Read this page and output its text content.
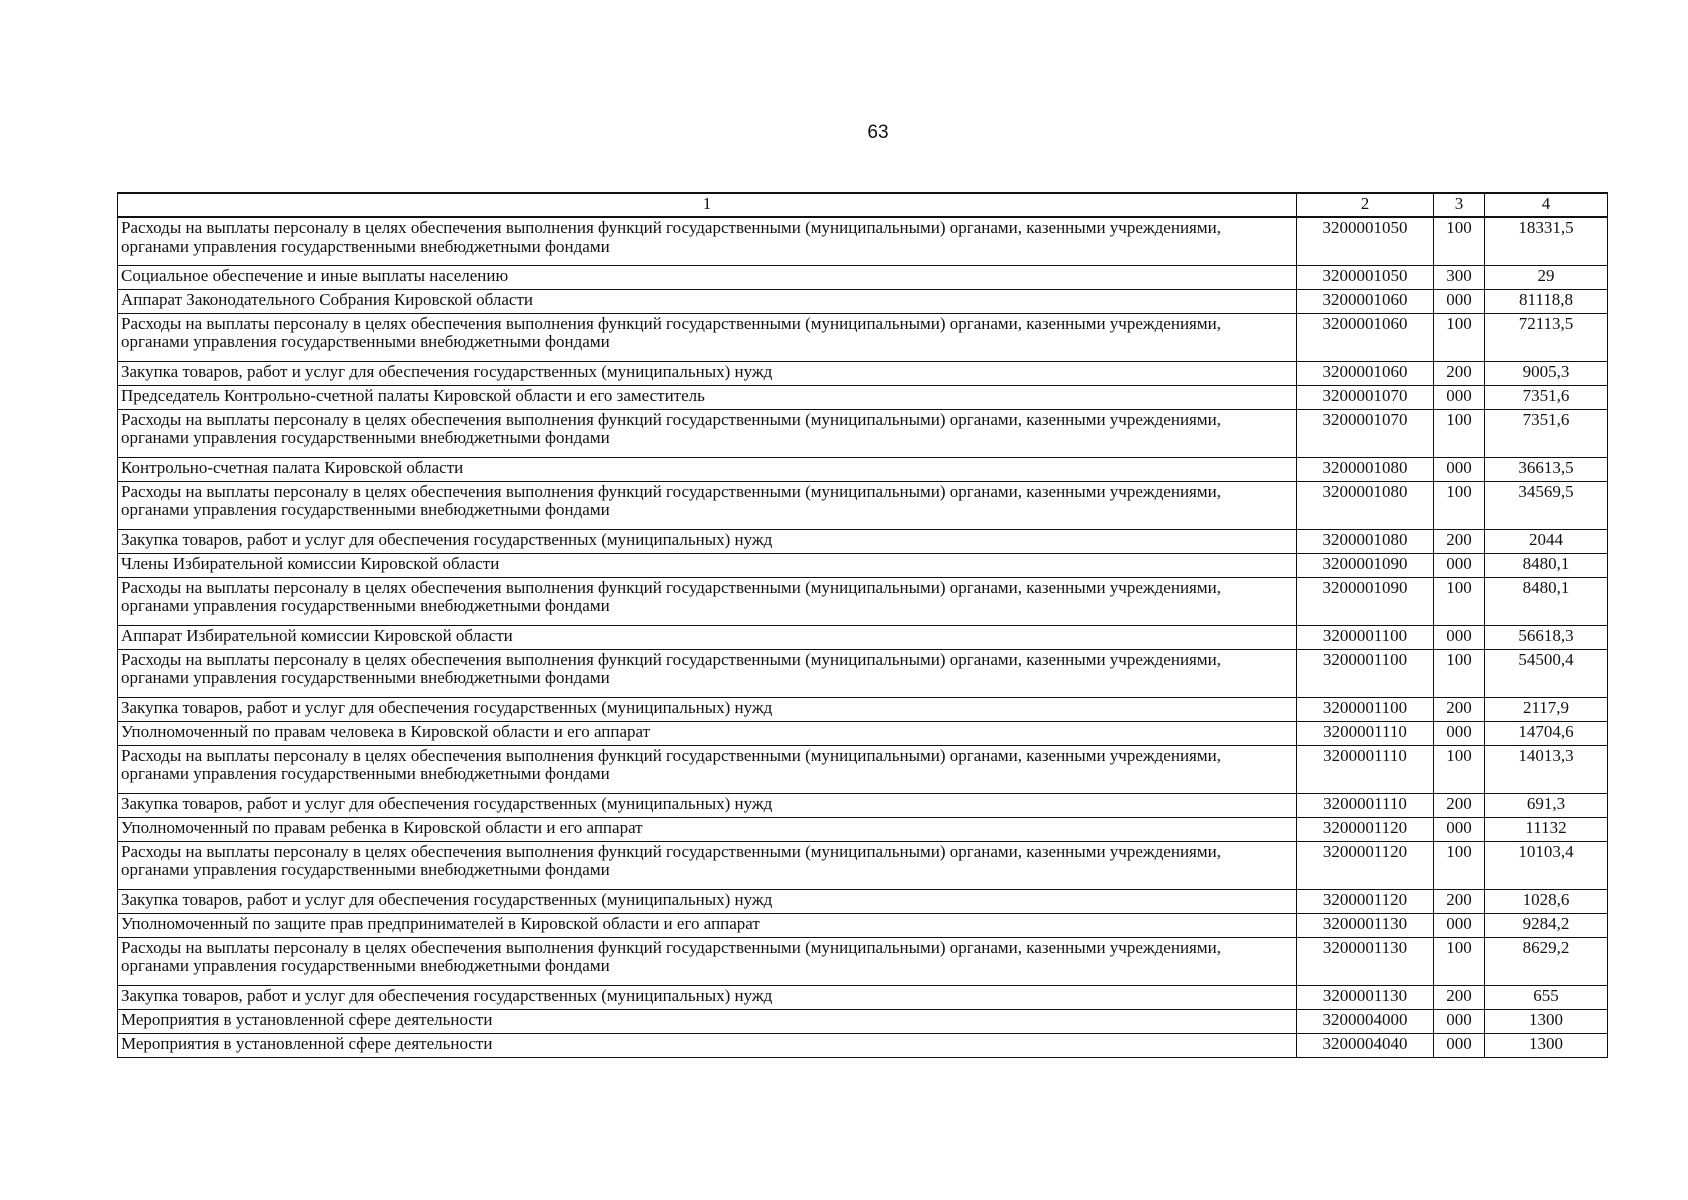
63
1	2	3	4
Расходы на выплаты персоналу в целях обеспечения выполнения функций государственными (муниципальными) органами, казенными учреждениями, органами управления государственными внебюджетными фондами	3200001050	100	18331,5
Социальное обеспечение и иные выплаты населению	3200001050	300	29
Аппарат Законодательного Собрания Кировской области	3200001060	000	81118,8
Расходы на выплаты персоналу в целях обеспечения выполнения функций государственными (муниципальными) органами, казенными учреждениями, органами управления государственными внебюджетными фондами	3200001060	100	72113,5
Закупка товаров, работ и услуг для обеспечения государственных (муниципальных) нужд	3200001060	200	9005,3
Председатель Контрольно-счетной палаты Кировской области и его заместитель	3200001070	000	7351,6
Расходы на выплаты персоналу в целях обеспечения выполнения функций государственными (муниципальными) органами, казенными учреждениями, органами управления государственными внебюджетными фондами	3200001070	100	7351,6
Контрольно-счетная палата Кировской области	3200001080	000	36613,5
Расходы на выплаты персоналу в целях обеспечения выполнения функций государственными (муниципальными) органами, казенными учреждениями, органами управления государственными внебюджетными фондами	3200001080	100	34569,5
Закупка товаров, работ и услуг для обеспечения государственных (муниципальных) нужд	3200001080	200	2044
Члены Избирательной комиссии Кировской области	3200001090	000	8480,1
Расходы на выплаты персоналу в целях обеспечения выполнения функций государственными (муниципальными) органами, казенными учреждениями, органами управления государственными внебюджетными фондами	3200001090	100	8480,1
Аппарат Избирательной комиссии Кировской области	3200001100	000	56618,3
Расходы на выплаты персоналу в целях обеспечения выполнения функций государственными (муниципальными) органами, казенными учреждениями, органами управления государственными внебюджетными фондами	3200001100	100	54500,4
Закупка товаров, работ и услуг для обеспечения государственных (муниципальных) нужд	3200001100	200	2117,9
Уполномоченный по правам человека в Кировской области и его аппарат	3200001110	000	14704,6
Расходы на выплаты персоналу в целях обеспечения выполнения функций государственными (муниципальными) органами, казенными учреждениями, органами управления государственными внебюджетными фондами	3200001110	100	14013,3
Закупка товаров, работ и услуг для обеспечения государственных (муниципальных) нужд	3200001110	200	691,3
Уполномоченный по правам ребенка в Кировской области и его аппарат	3200001120	000	11132
Расходы на выплаты персоналу в целях обеспечения выполнения функций государственными (муниципальными) органами, казенными учреждениями, органами управления государственными внебюджетными фондами	3200001120	100	10103,4
Закупка товаров, работ и услуг для обеспечения государственных (муниципальных) нужд	3200001120	200	1028,6
Уполномоченный по защите прав предпринимателей в Кировской области и его аппарат	3200001130	000	9284,2
Расходы на выплаты персоналу в целях обеспечения выполнения функций государственными (муниципальными) органами, казенными учреждениями, органами управления государственными внебюджетными фондами	3200001130	100	8629,2
Закупка товаров, работ и услуг для обеспечения государственных (муниципальных) нужд	3200001130	200	655
Мероприятия в установленной сфере деятельности	3200004000	000	1300
Мероприятия в установленной сфере деятельности	3200004040	000	1300
